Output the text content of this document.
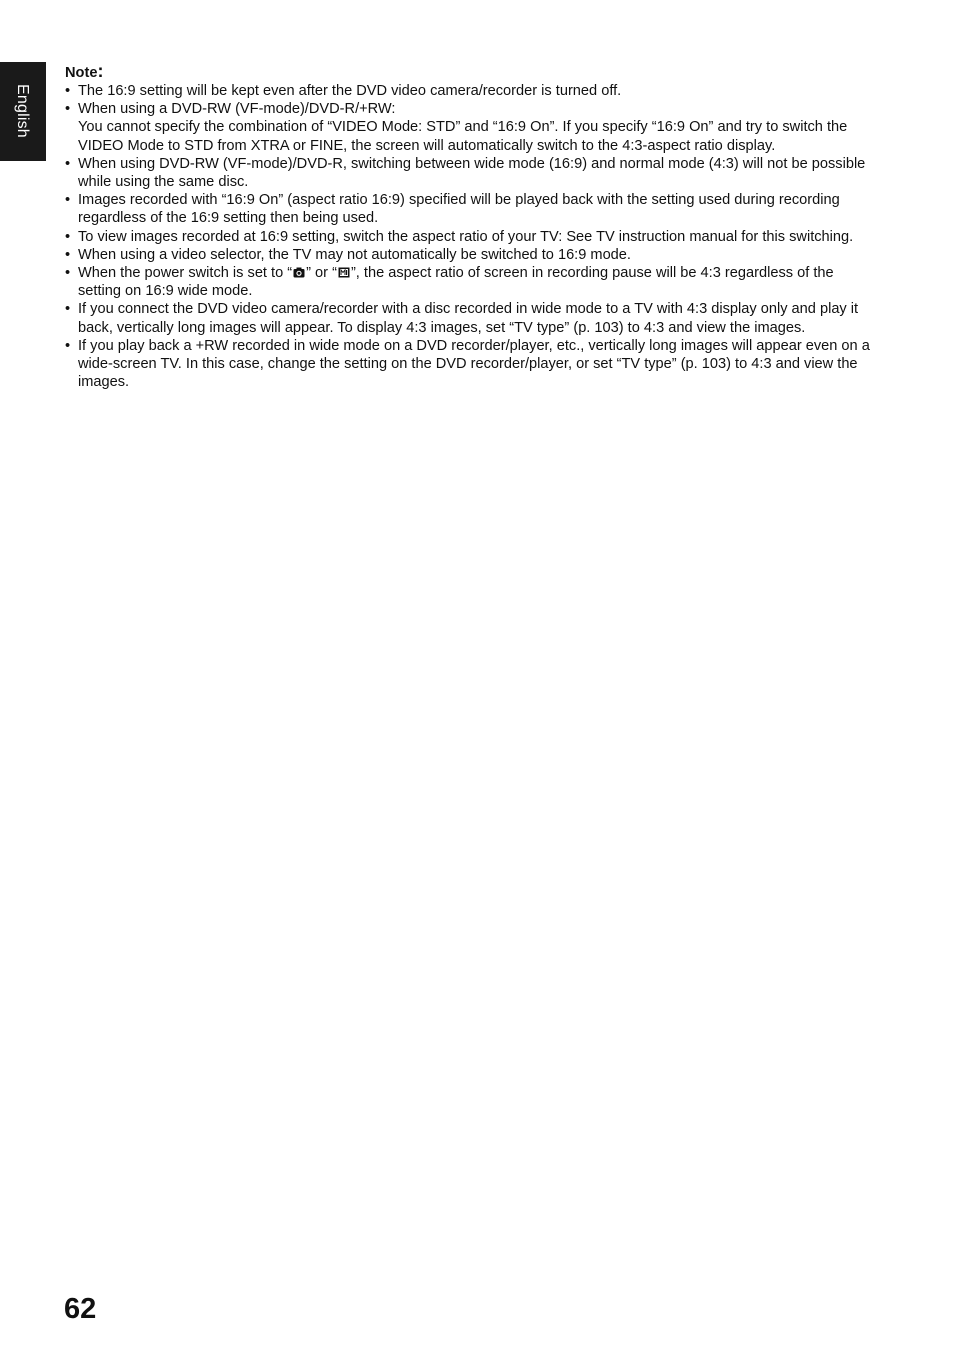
English

Note:

• The 16:9 setting will be kept even after the DVD video camera/recorder is turned off.
• When using a DVD-RW (VF-mode)/DVD-R/+RW:
You cannot specify the combination of “VIDEO Mode: STD” and “16:9 On”. If you specify “16:9 On” and try to switch the VIDEO Mode to STD from XTRA or FINE, the screen will automatically switch to the 4:3-aspect ratio display.
• When using DVD-RW (VF-mode)/DVD-R, switching between wide mode (16:9) and normal mode (4:3) will not be possible while using the same disc.
• Images recorded with “16:9 On” (aspect ratio 16:9) specified will be played back with the setting used during recording regardless of the 16:9 setting then being used.
• To view images recorded at 16:9 setting, switch the aspect ratio of your TV: See TV instruction manual for this switching.
• When using a video selector, the TV may not automatically be switched to 16:9 mode.
• When the power switch is set to “ ” or “ ”, the aspect ratio of screen in recording pause will be 4:3 regardless of the setting on 16:9 wide mode.
• If you connect the DVD video camera/recorder with a disc recorded in wide mode to a TV with 4:3 display only and play it back, vertically long images will appear. To display 4:3 images, set “TV type” (p. 103) to 4:3 and view the images.
• If you play back a +RW recorded in wide mode on a DVD recorder/player, etc., vertically long images will appear even on a wide-screen TV. In this case, change the setting on the DVD recorder/player, or set “TV type” (p. 103) to 4:3 and view the images.
62
